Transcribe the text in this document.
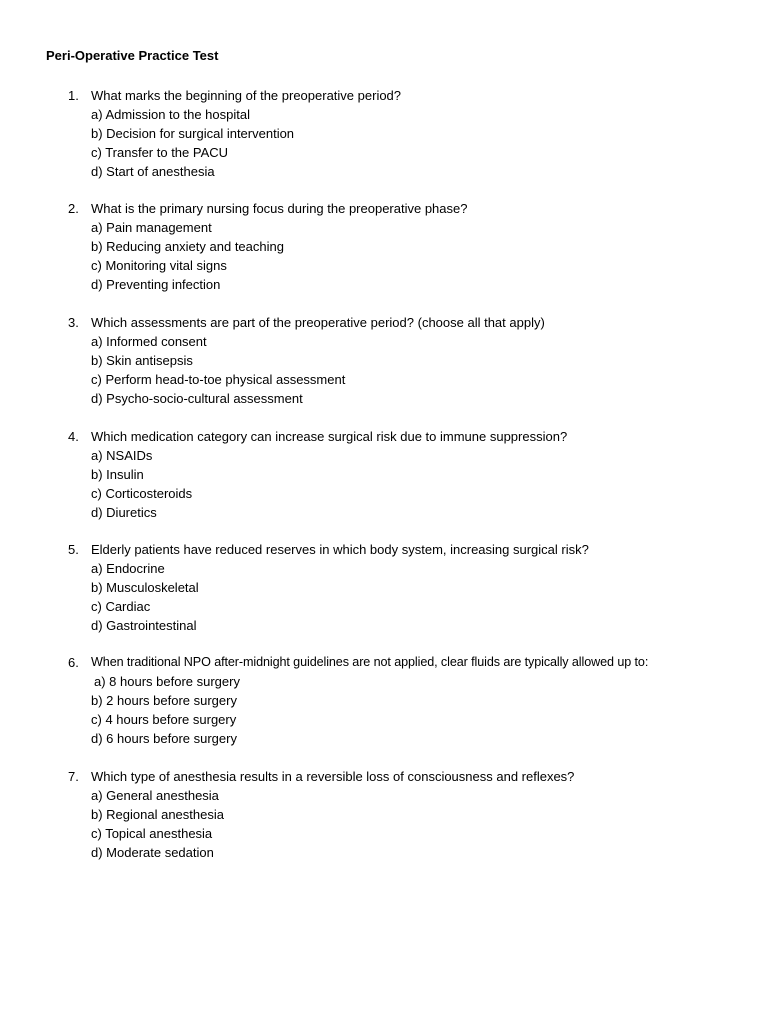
Peri-Operative Practice Test
1. What marks the beginning of the preoperative period?
a) Admission to the hospital
b) Decision for surgical intervention
c) Transfer to the PACU
d) Start of anesthesia
2. What is the primary nursing focus during the preoperative phase?
a) Pain management
b) Reducing anxiety and teaching
c) Monitoring vital signs
d) Preventing infection
3. Which assessments are part of the preoperative period? (choose all that apply)
a) Informed consent
b) Skin antisepsis
c) Perform head-to-toe physical assessment
d) Psycho-socio-cultural assessment
4. Which medication category can increase surgical risk due to immune suppression?
a) NSAIDs
b) Insulin
c) Corticosteroids
d) Diuretics
5. Elderly patients have reduced reserves in which body system, increasing surgical risk?
a) Endocrine
b) Musculoskeletal
c) Cardiac
d) Gastrointestinal
6. When traditional NPO after-midnight guidelines are not applied, clear fluids are typically allowed up to:
a) 8 hours before surgery
b) 2 hours before surgery
c) 4 hours before surgery
d) 6 hours before surgery
7. Which type of anesthesia results in a reversible loss of consciousness and reflexes?
a) General anesthesia
b) Regional anesthesia
c) Topical anesthesia
d) Moderate sedation
